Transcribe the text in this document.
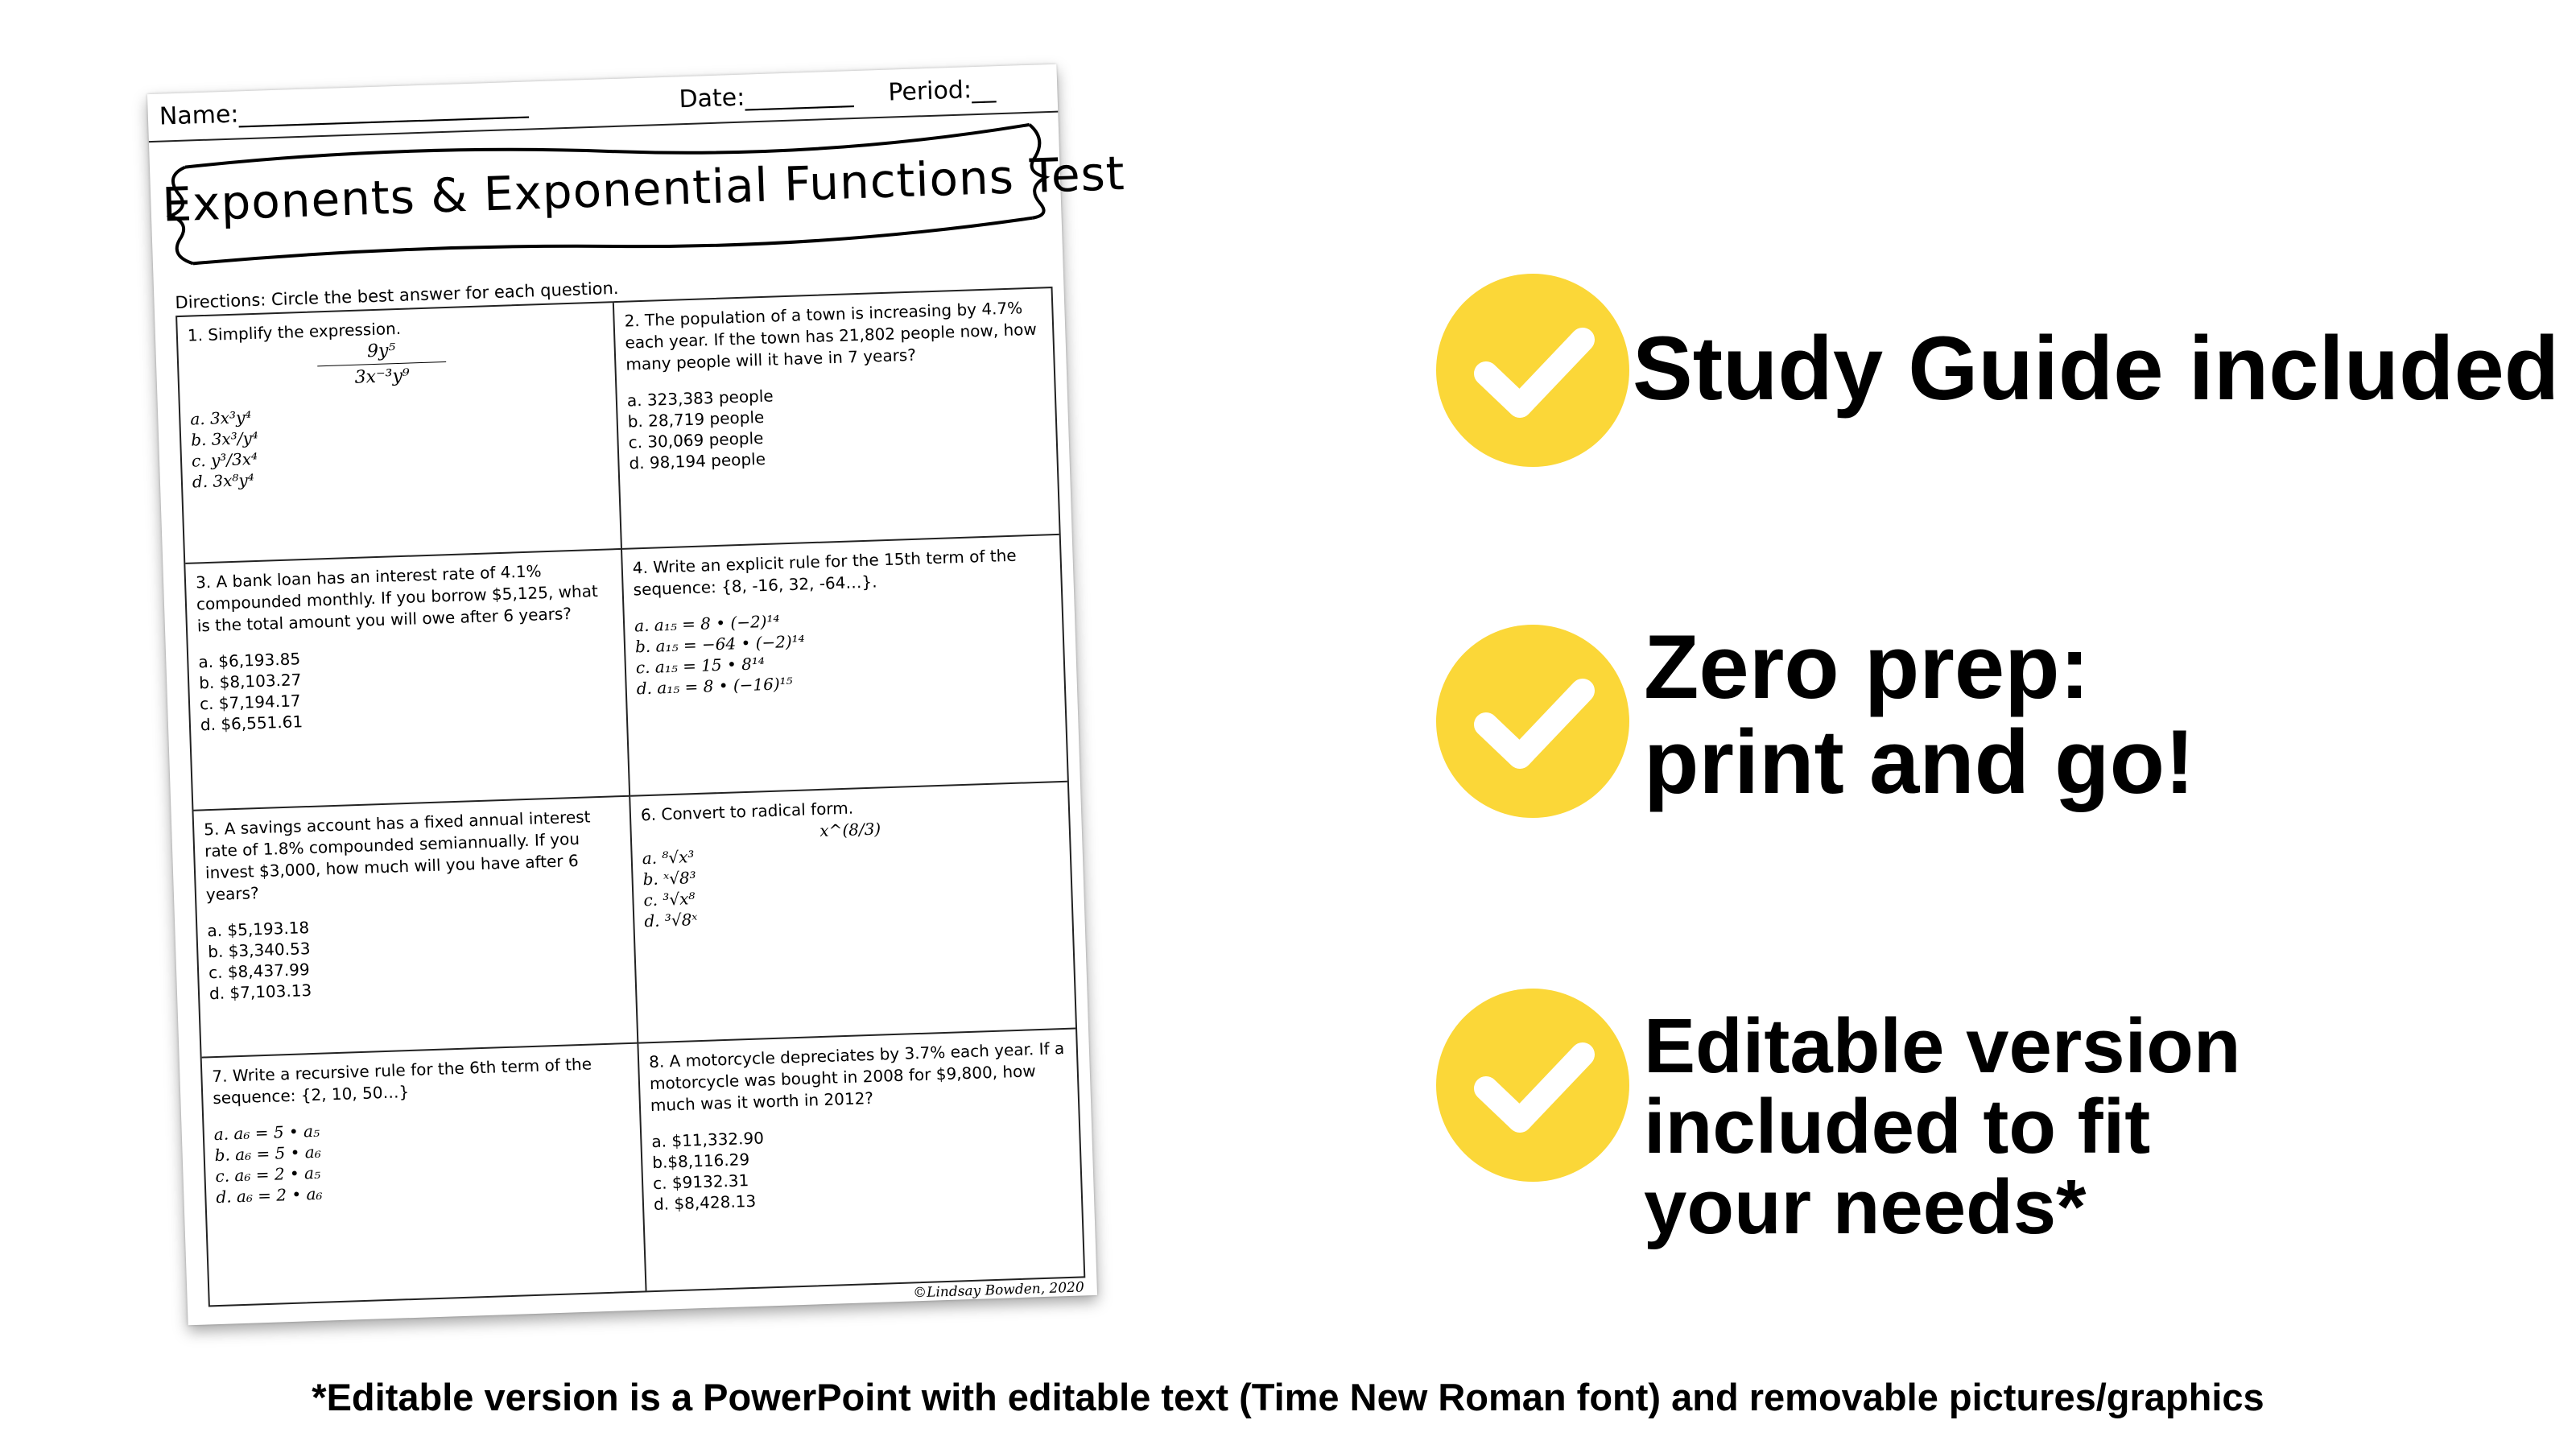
Name:________________________	Date:_________ Period:__
Exponents & Exponential Functions Test
Directions: Circle the best answer for each question.
1. Simplify the expression.
9y⁵
3x⁻³y⁹
a. 3x³y⁴
b. 3x³/y⁴
c. y³/3x⁴
d. 3x⁸y⁴
2. The population of a town is increasing by 4.7% each year. If the town has 21,802 people now, how many people will it have in 7 years?
a. 323,383 people
b. 28,719 people
c. 30,069 people
d. 98,194 people
3. A bank loan has an interest rate of 4.1% compounded monthly. If you borrow $5,125, what is the total amount you will owe after 6 years?
a. $6,193.85
b. $8,103.27
c. $7,194.17
d. $6,551.61
4. Write an explicit rule for the 15th term of the sequence: {8, -16, 32, -64…}.
a. a₁₅ = 8 • (−2)¹⁴
b. a₁₅ = −64 • (−2)¹⁴
c. a₁₅ = 15 • 8¹⁴
d. a₁₅ = 8 • (−16)¹⁵
5. A savings account has a fixed annual interest rate of 1.8% compounded semiannually. If you invest $3,000, how much will you have after 6 years?
a. $5,193.18
b. $3,340.53
c. $8,437.99
d. $7,103.13
6. Convert to radical form.
x^(8/3)
a. ⁸√x³
b. ˣ√8³
c. ³√x⁸
d. ³√8ˣ
7. Write a recursive rule for the 6th term of the sequence: {2, 10, 50…}
a. a₆ = 5 • a₅
b. a₆ = 5 • a₆
c. a₆ = 2 • a₅
d. a₆ = 2 • a₆
8. A motorcycle depreciates by 3.7% each year. If a motorcycle was bought in 2008 for $9,800, how much was it worth in 2012?
a. $11,332.90
b.$8,116.29
c. $9132.31
d. $8,428.13
©Lindsay Bowden, 2020
Study Guide included
Zero prep:
print and go!
Editable version
included to fit
your needs*
*Editable version is a PowerPoint with editable text (Time New Roman font) and removable pictures/graphics
